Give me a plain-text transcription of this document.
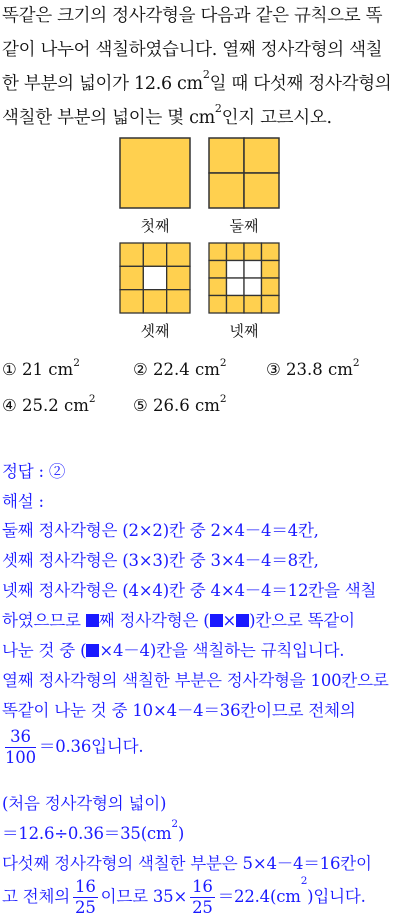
똑같은 크기의 정사각형을 다음과 같은 규칙으로 똑
같이 나누어 색칠하였습니다. 열째 정사각형의 색칠
한 부분의 넓이가 12.6 $cm^2$일 때 다섯째 정사각형의
색칠한 부분의 넓이는 몇 $cm^2$인지 고르시오.
첫째	둘째
셋째	넷째
① 21 $cm^2$	② 22.4 $cm^2$ ③ 23.8 $cm^2$
④ 25.2 $cm^2$ ⑤ 26.6 $cm^2$
정답 : ②
해설 :
둘째 정사각형은 (2×2)칸 중 2×4－4＝4칸,
셋째 정사각형은 (3×3)칸 중 3×4－4＝8칸,
넷째 정사각형은 (4×4)칸 중 4×4－4＝12칸을 색칠
하였으므로 째 정사각형은 ( × )칸으로 똑같이
나눈 것 중 ( ×4－4)칸을 색칠하는 규칙입니다.
열째 정사각형의 색칠한 부분은 정사각형을 100칸으로
똑같이 나눈 것 중 10×4－4＝36칸이므로 전체의
$\frac{36}{100} =0.36$입니다.
(처음 정사각형의 넓이)
$=12.6\div 0.36=35(cm^2)$
다섯째 정사각형의 색칠한 부분은 5×4－4＝16칸이
고 전체의 $\frac{16}{25}$ 이므로 $35\times \frac{16}{25} =22.4(cm^2)$입니다.
